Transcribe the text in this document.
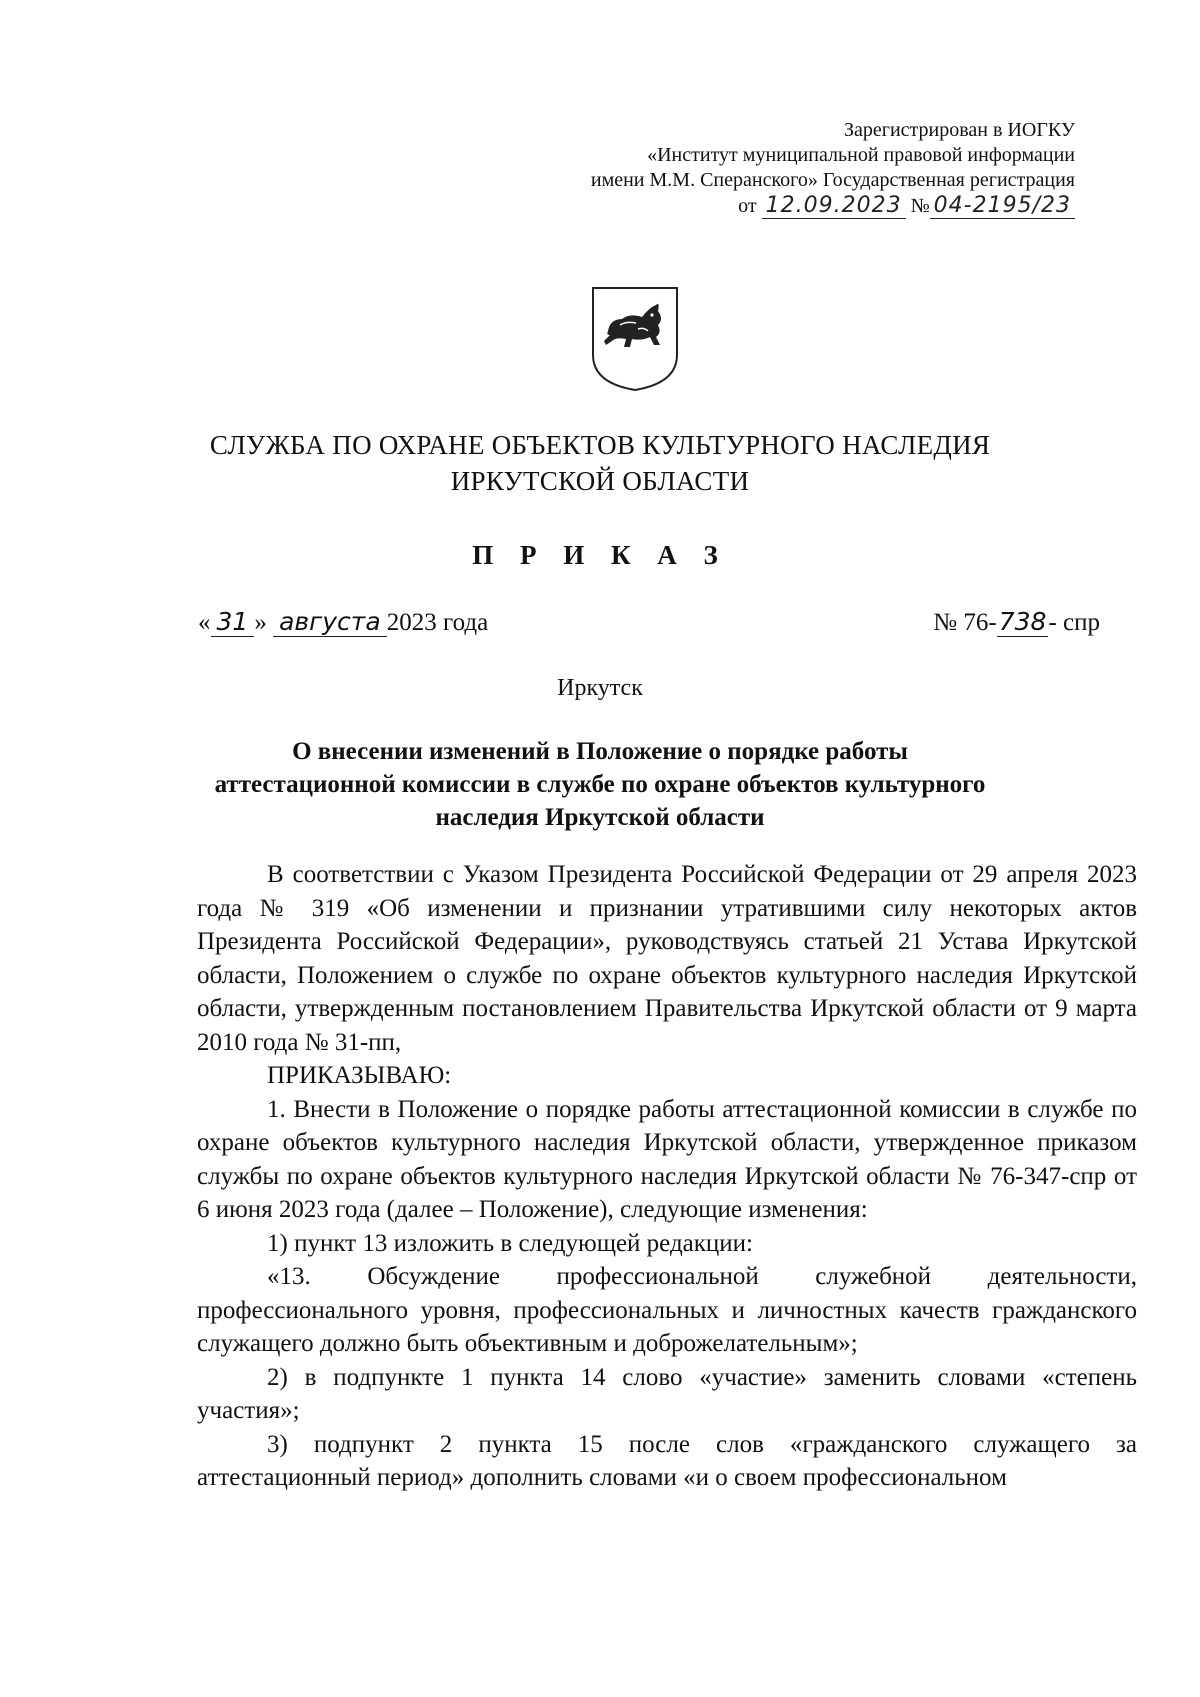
Зарегистрирован в ИОГКУ
«Институт муниципальной правовой информации
имени М.М. Сперанского» Государственная регистрация
от 12.09.2023 № 04-2195/23
СЛУЖБА ПО ОХРАНЕ ОБЪЕКТОВ КУЛЬТУРНОГО НАСЛЕДИЯ
ИРКУТСКОЙ ОБЛАСТИ
П Р И К А З
« 31 » августа 2023 года	№ 76-738- спр
Иркутск
О внесении изменений в Положение о порядке работы аттестационной комиссии в службе по охране объектов культурного наследия Иркутской области

В соответствии с Указом Президента Российской Федерации от 29 апреля 2023 года № 319 «Об изменении и признании утратившими силу некоторых актов Президента Российской Федерации», руководствуясь статьей 21 Устава Иркутской области, Положением о службе по охране объектов культурного наследия Иркутской области, утвержденным постановлением Правительства Иркутской области от 9 марта 2010 года № 31-пп,

ПРИКАЗЫВАЮ:

1. Внести в Положение о порядке работы аттестационной комиссии в службе по охране объектов культурного наследия Иркутской области, утвержденное приказом службы по охране объектов культурного наследия Иркутской области № 76-347-спр от 6 июня 2023 года (далее – Положение), следующие изменения:

1) пункт 13 изложить в следующей редакции:

«13. Обсуждение профессиональной служебной деятельности, профессионального уровня, профессиональных и личностных качеств гражданского служащего должно быть объективным и доброжелательным»;

2) в подпункте 1 пункта 14 слово «участие» заменить словами «степень участия»;

3) подпункт 2 пункта 15 после слов «гражданского служащего за аттестационный период» дополнить словами «и о своем профессиональном
